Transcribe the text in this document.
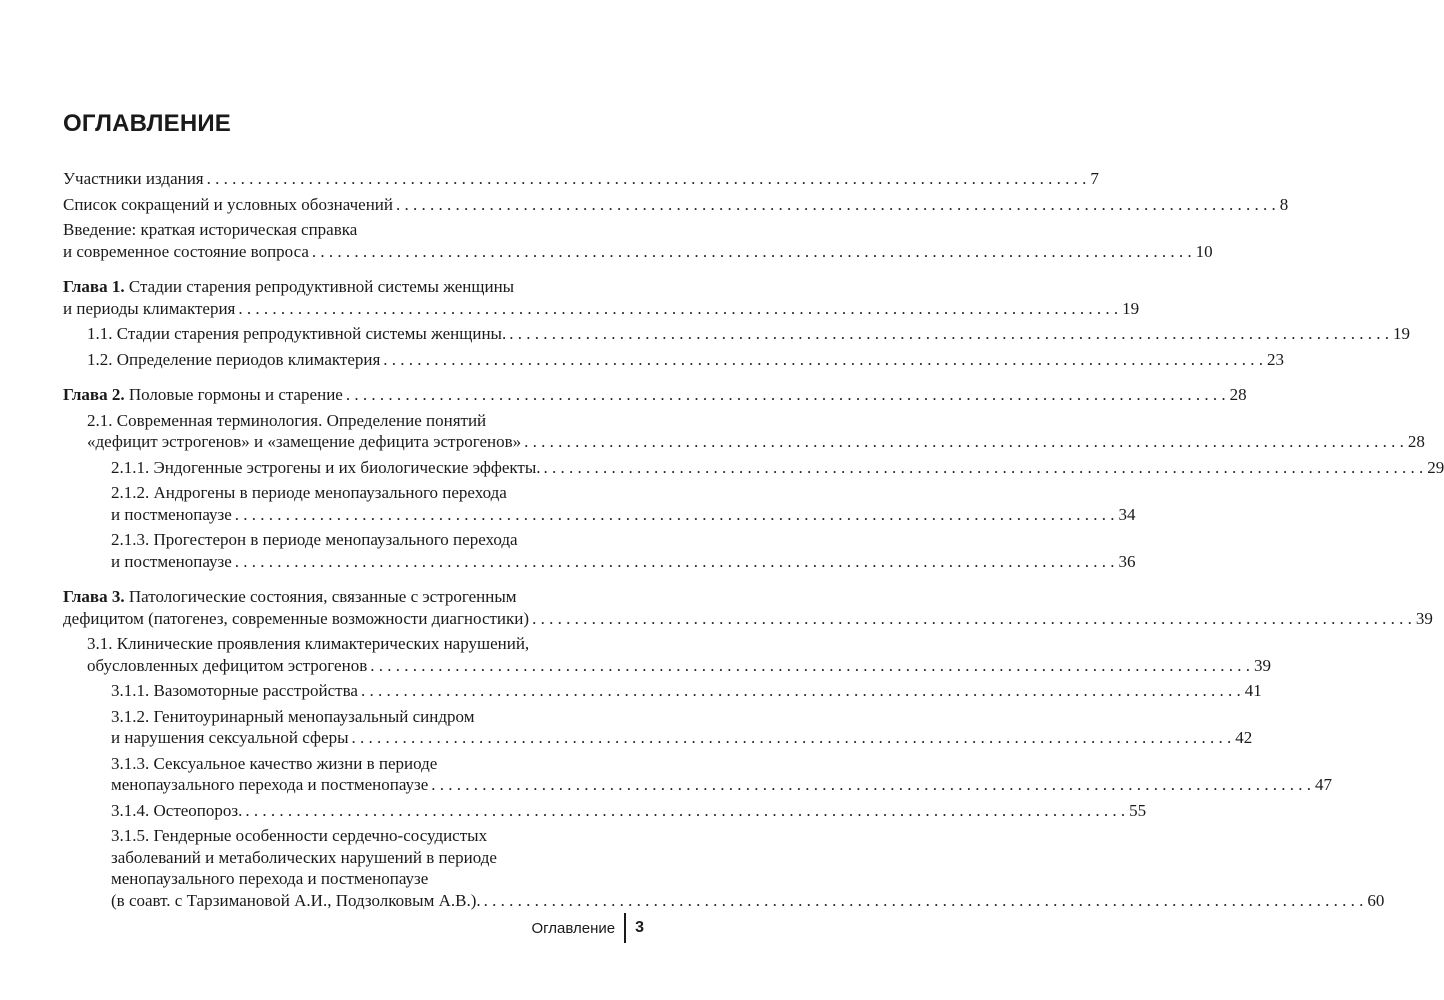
ОГЛАВЛЕНИЕ
Участники издания . . .	7
Список сокращений и условных обозначений . . .	8
Введение: краткая историческая справка
и современное состояние вопроса . . .	10
Глава 1. Стадии старения репродуктивной системы женщины
и периоды климактерия . . .	19
1.1. Стадии старения репродуктивной системы женщины. . . .	19
1.2. Определение периодов климактерия . . .	23
Глава 2. Половые гормоны и старение . . .	28
2.1. Современная терминология. Определение понятий
«дефицит эстрогенов» и «замещение дефицита эстрогенов» . . .	28
2.1.1. Эндогенные эстрогены и их биологические эффекты. . . .	29
2.1.2. Андрогены в периоде менопаузального перехода
и постменопаузе . . .	34
2.1.3. Прогестерон в периоде менопаузального перехода
и постменопаузе . . .	36
Глава 3. Патологические состояния, связанные с эстрогенным
дефицитом (патогенез, современные возможности диагностики) . . .	39
3.1. Клинические проявления климактерических нарушений,
обусловленных дефицитом эстрогенов . . .	39
3.1.1. Вазомоторные расстройства . . .	41
3.1.2. Генитоуринарный менопаузальный синдром
и нарушения сексуальной сферы . . .	42
3.1.3. Сексуальное качество жизни в периоде
менопаузального перехода и постменопаузе . . .	47
3.1.4. Остеопороз. . . .	55
3.1.5. Гендерные особенности сердечно-сосудистых
заболеваний и метаболических нарушений в периоде
менопаузального перехода и постменопаузе
(в соавт. с Тарзимановой А.И., Подзолковым А.В.). . . .	60
Оглавление 3
